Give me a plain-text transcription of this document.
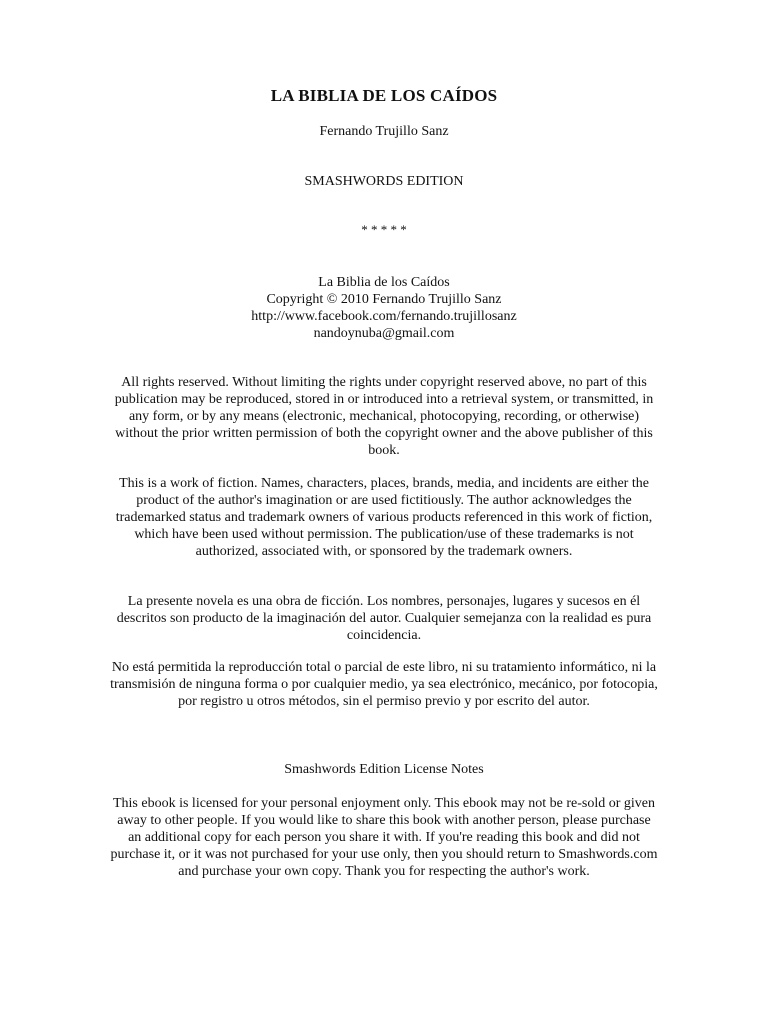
LA BIBLIA DE LOS CAÍDOS
Fernando Trujillo Sanz
SMASHWORDS EDITION
* * * * *
La Biblia de los Caídos
Copyright © 2010 Fernando Trujillo Sanz
http://www.facebook.com/fernando.trujillosanz
nandoynuba@gmail.com
All rights reserved. Without limiting the rights under copyright reserved above, no part of this publication may be reproduced, stored in or introduced into a retrieval system, or transmitted, in any form, or by any means (electronic, mechanical, photocopying, recording, or otherwise) without the prior written permission of both the copyright owner and the above publisher of this book.
This is a work of fiction. Names, characters, places, brands, media, and incidents are either the product of the author's imagination or are used fictitiously. The author acknowledges the trademarked status and trademark owners of various products referenced in this work of fiction, which have been used without permission. The publication/use of these trademarks is not authorized, associated with, or sponsored by the trademark owners.
La presente novela es una obra de ficción. Los nombres, personajes, lugares y sucesos en él descritos son producto de la imaginación del autor. Cualquier semejanza con la realidad es pura coincidencia.
No está permitida la reproducción total o parcial de este libro, ni su tratamiento informático, ni la transmisión de ninguna forma o por cualquier medio, ya sea electrónico, mecánico, por fotocopia, por registro u otros métodos, sin el permiso previo y por escrito del autor.
Smashwords Edition License Notes
This ebook is licensed for your personal enjoyment only. This ebook may not be re-sold or given away to other people. If you would like to share this book with another person, please purchase an additional copy for each person you share it with. If you're reading this book and did not purchase it, or it was not purchased for your use only, then you should return to Smashwords.com and purchase your own copy. Thank you for respecting the author's work.
